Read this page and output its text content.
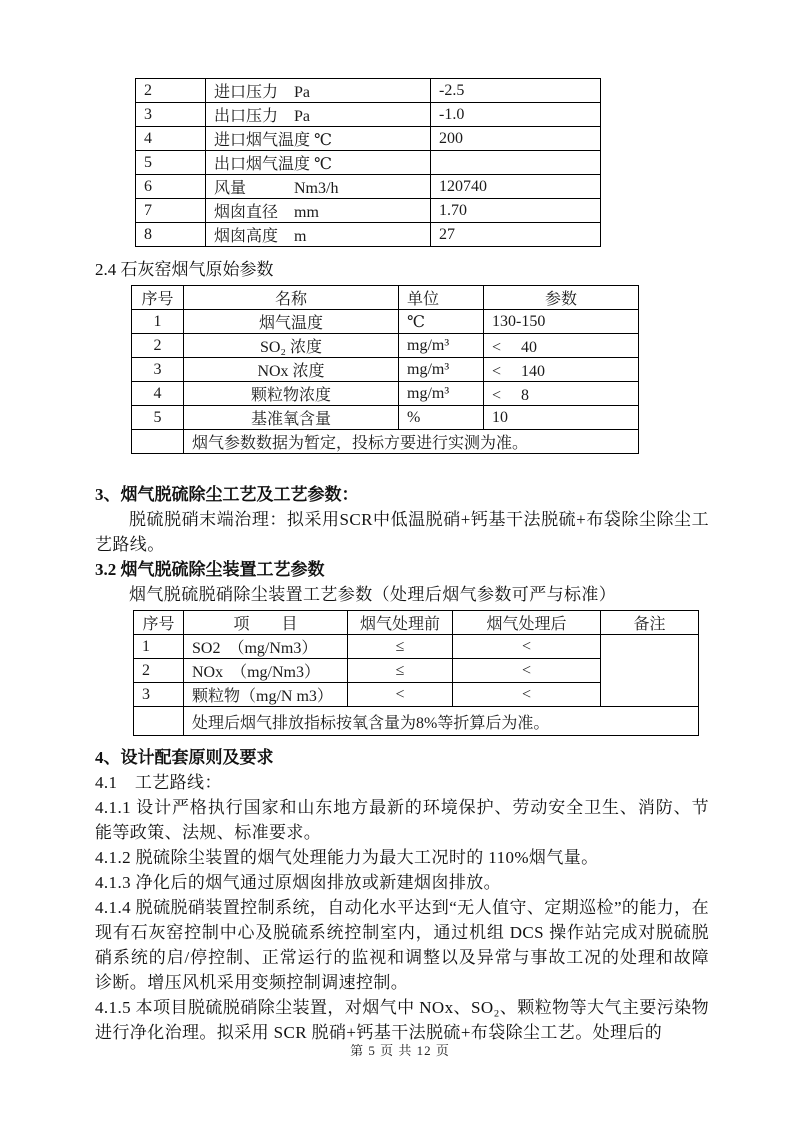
2	进口压力　Pa	-2.5
3	出口压力　Pa	-1.0
4	进口烟气温度 ℃	200
5	出口烟气温度 ℃	
6	风量　　　Nm3/h	120740
7	烟囱直径　mm	1.70
8	烟囱高度　m	27
2.4 石灰窑烟气原始参数
序号	名称	单位	参数
1	烟气温度	℃	130-150
2	SO₂ 浓度	mg/m³	<　 40
3	NOx 浓度	mg/m³	<　 140
4	颗粒物浓度	mg/m³	<　 8
5	基准氧含量	%	10
	烟气参数数据为暂定，投标方要进行实测为准。		
3、烟气脱硫除尘工艺及工艺参数：

脱硫脱硝末端治理：拟采用SCR中低温脱硝+钙基干法脱硫+布袋除尘除尘工艺路线。

3.2 烟气脱硫除尘装置工艺参数

烟气脱硫脱硝除尘装置工艺参数（处理后烟气参数可严与标准）

序号	项　　目	烟气处理前	烟气处理后	备注
1	SO2　（mg/Nm3）	≤	<	
2	NOx　（mg/Nm3）	≤	<	
3	颗粒物（mg/N m3）	<	<	
	处理后烟气排放指标按氧含量为8%等折算后为准。			
4、设计配套原则及要求

4.1　工艺路线：

4.1.1 设计严格执行国家和山东地方最新的环境保护、劳动安全卫生、消防、节能等政策、法规、标准要求。

4.1.2 脱硫除尘装置的烟气处理能力为最大工况时的 110%烟气量。

4.1.3 净化后的烟气通过原烟囱排放或新建烟囱排放。

4.1.4 脱硫脱硝装置控制系统，自动化水平达到“无人值守、定期巡检”的能力，在现有石灰窑控制中心及脱硫系统控制室内，通过机组 DCS 操作站完成对脱硫脱硝系统的启/停控制、正常运行的监视和调整以及异常与事故工况的处理和故障诊断。增压风机采用变频控制调速控制。

4.1.5 本项目脱硫脱硝除尘装置，对烟气中 NOx、SO₂、颗粒物等大气主要污染物进行净化治理。拟采用 SCR 脱硝+钙基干法脱硫+布袋除尘工艺。处理后的

第 5 页 共 12 页
